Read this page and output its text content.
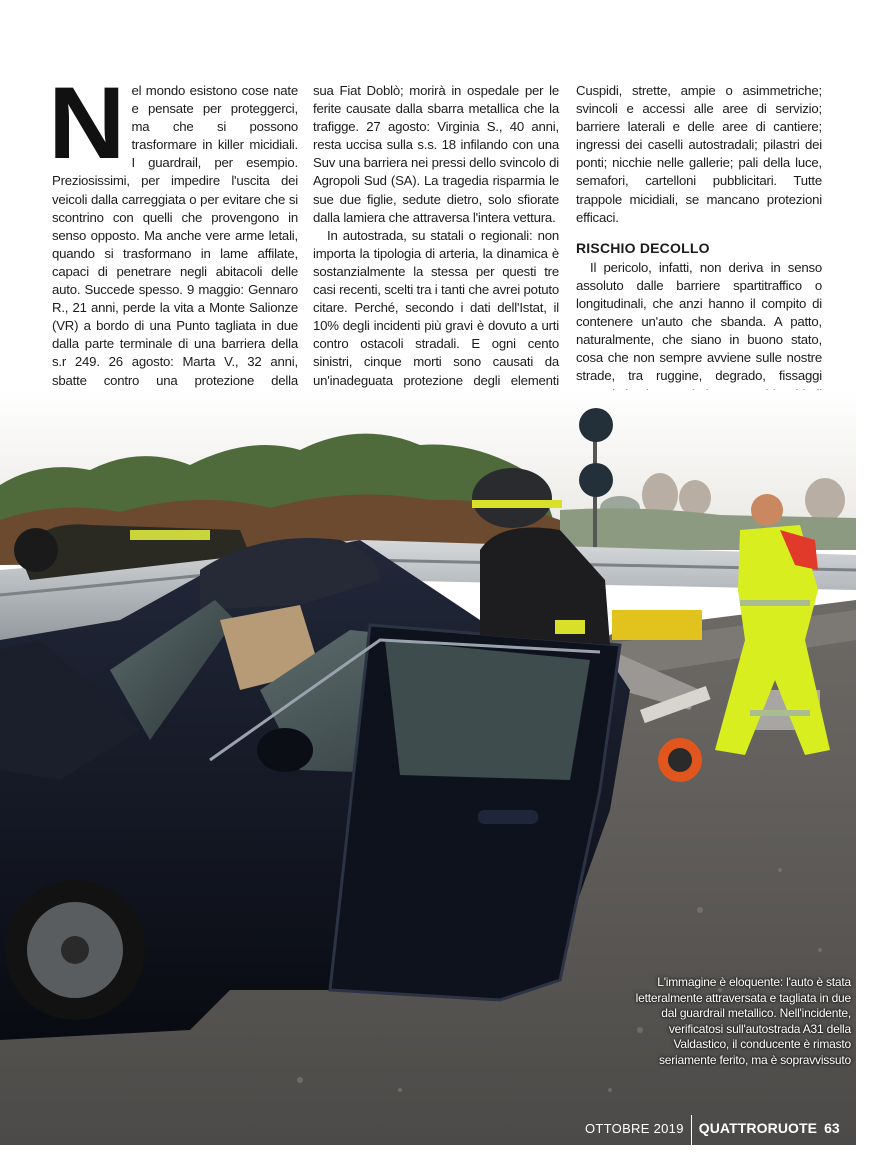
N el mondo esistono cose nate e pensate per proteggerci, ma che si possono trasformare in killer micidiali. I guardrail, per esempio. Preziosissimi, per impedire l'uscita dei veicoli dalla carreggiata o per evitare che si scontrino con quelli che provengono in senso opposto. Ma anche vere arme letali, quando si trasformano in lame affilate, capaci di penetrare negli abitacoli delle auto. Succede spesso. 9 maggio: Gennaro R., 21 anni, perde la vita a Monte Salionze (VR) a bordo di una Punto tagliata in due dalla parte terminale di una barriera della s.r 249. 26 agosto: Marta V., 32 anni, sbatte contro una protezione della

sua Fiat Doblò; morirà in ospedale per le ferite causate dalla sbarra metallica che la trafigge. 27 agosto: Virginia S., 40 anni, resta uccisa sulla s.s. 18 infilando con una Suv una barriera nei pressi dello svincolo di Agropoli Sud (SA). La tragedia risparmia le sue due figlie, sedute dietro, solo sfiorate dalla lamiera che attraversa l'intera vettura.

In autostrada, su statali o regionali: non importa la tipologia di arteria, la dinamica è sostanzialmente la stessa per questi tre casi recenti, scelti tra i tanti che avrei potuto citare. Perché, secondo i dati dell'Istat, il 10% degli incidenti più gravi è dovuto a urti contro ostacoli stradali. E ogni cento sinistri, cinque morti sono causati da un'inadeguata protezione degli elementi

Cuspidi, strette, ampie o asimmetriche; svincoli e accessi alle aree di servizio; barriere laterali e delle aree di cantiere; ingressi dei caselli autostradali; pilastri dei ponti; nicchie nelle gallerie; pali della luce, semafori, cartelloni pubblicitari. Tutte trappole micidiali, se mancano protezioni efficaci.

RISCHIO DECOLLO

Il pericolo, infatti, non deriva in senso assoluto dalle barriere spartitraffico o longitudinali, che anzi hanno il compito di contenere un'auto che sbanda. A patto, naturalmente, che siano in buono stato, cosa che non sempre avviene sulle nostre strade, tra ruggine, degrado, fissaggi

L'immagine è eloquente: l'auto è stata letteralmente attraversata e tagliata in due dal guardrail metallico. Nell'incidente, verificatosi sull'autostrada A31 della Valdastico, il conducente è rimasto seriamente ferito, ma è sopravvissuto
OTTOBRE 2019 QUATTRORUOTE 63
